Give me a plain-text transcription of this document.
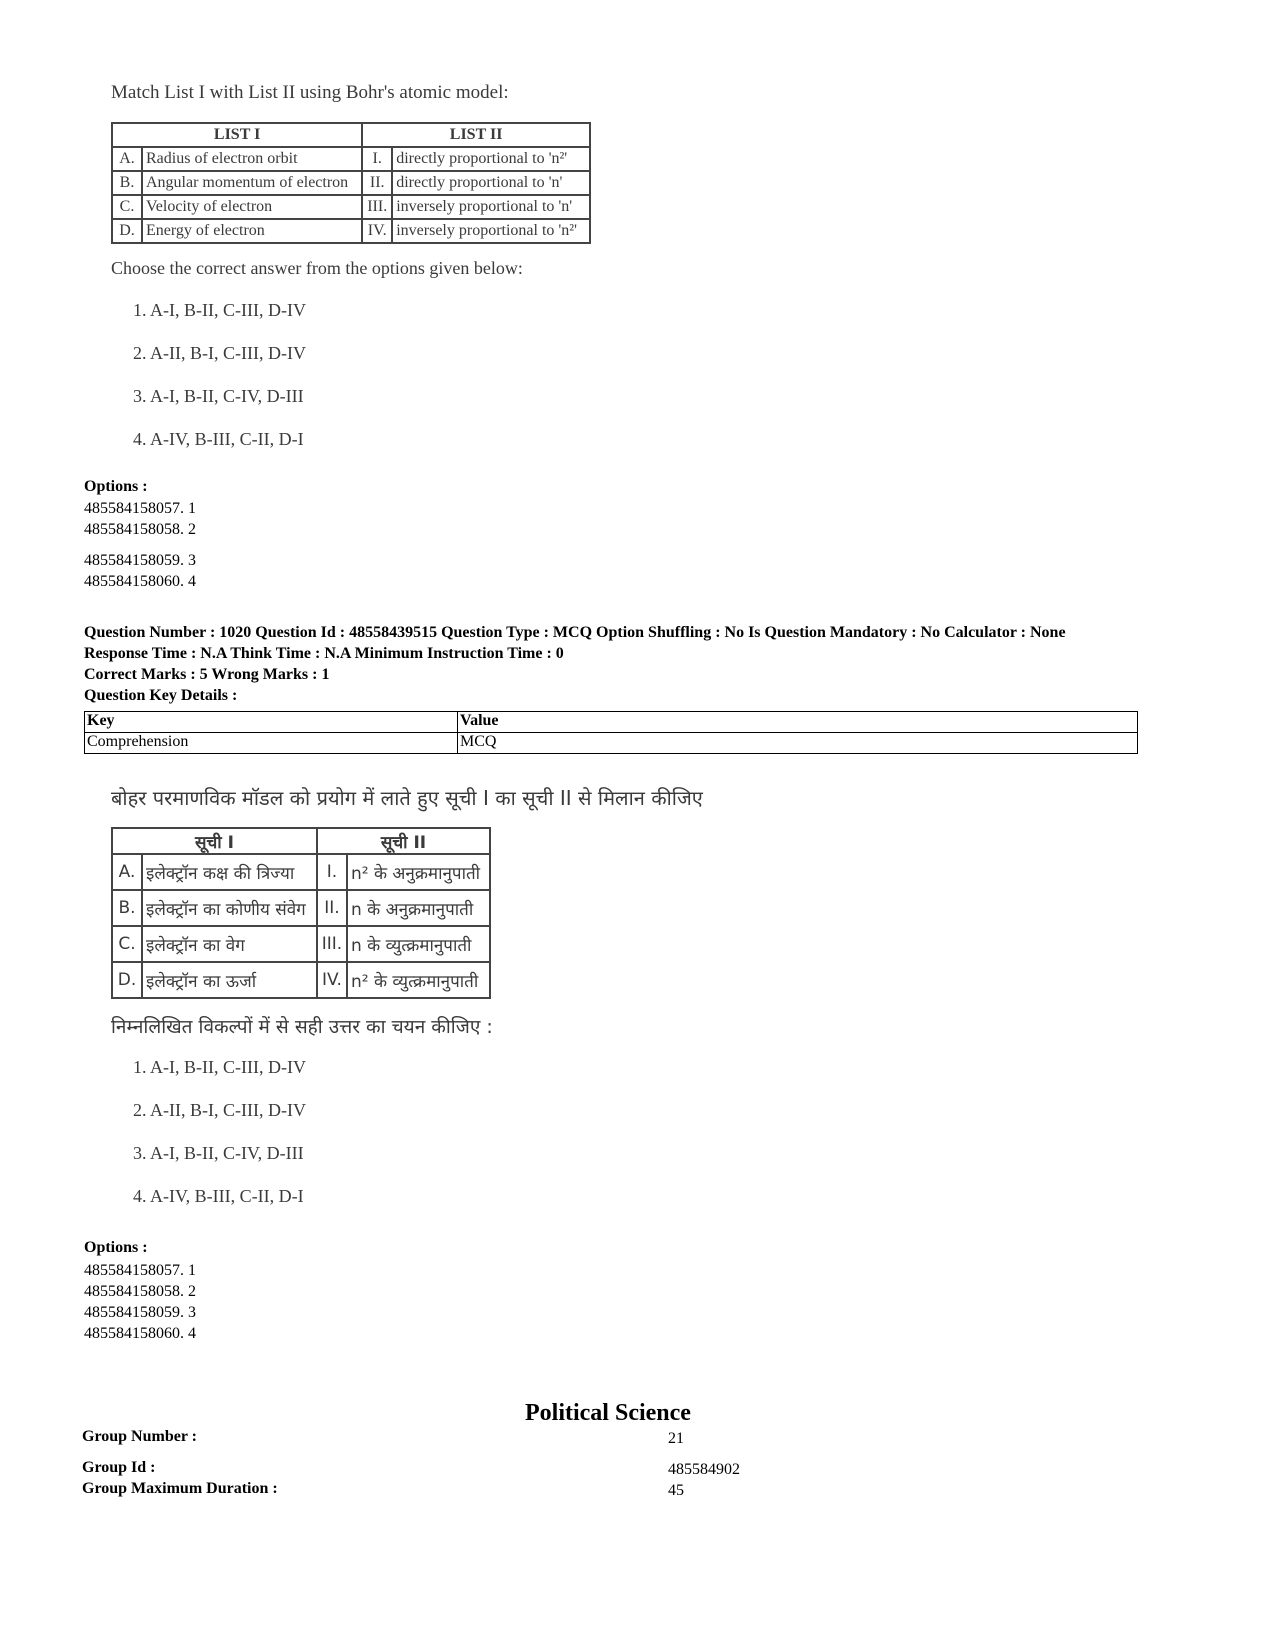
Match List I with List II using Bohr's atomic model:
LIST I		LIST II	
A.	Radius of electron orbit	I.	directly proportional to 'n²'
B.	Angular momentum of electron	II.	directly proportional to 'n'
C.	Velocity of electron	III.	inversely proportional to 'n'
D.	Energy of electron	IV.	inversely proportional to 'n²'
Choose the correct answer from the options given below:
1. A-I, B-II, C-III, D-IV
2. A-II, B-I, C-III, D-IV
3. A-I, B-II, C-IV, D-III
4. A-IV, B-III, C-II, D-I
Options :
485584158057. 1
485584158058. 2
485584158059. 3
485584158060. 4
Question Number : 1020 Question Id : 48558439515 Question Type : MCQ Option Shuffling : No Is Question Mandatory : No Calculator : None
Response Time : N.A Think Time : N.A Minimum Instruction Time : 0
Correct Marks : 5 Wrong Marks : 1
Question Key Details :
Key	Value
Comprehension	MCQ
बोहर परमाणविक मॉडल को प्रयोग में लाते हुए सूची I का सूची II से मिलान कीजिए
सूची I		सूची II	
A.	इलेक्ट्रॉन कक्ष की त्रिज्या	I.	n² के अनुक्रमानुपाती
B.	इलेक्ट्रॉन का कोणीय संवेग	II.	n के अनुक्रमानुपाती
C.	इलेक्ट्रॉन का वेग	III.	n के व्युत्क्रमानुपाती
D.	इलेक्ट्रॉन का ऊर्जा	IV.	n² के व्युत्क्रमानुपाती
निम्नलिखित विकल्पों में से सही उत्तर का चयन कीजिए :
1. A-I, B-II, C-III, D-IV
2. A-II, B-I, C-III, D-IV
3. A-I, B-II, C-IV, D-III
4. A-IV, B-III, C-II, D-I
Options :
485584158057. 1
485584158058. 2
485584158059. 3
485584158060. 4
Political Science
Group Number :	21
Group Id :	485584902
Group Maximum Duration :	45
